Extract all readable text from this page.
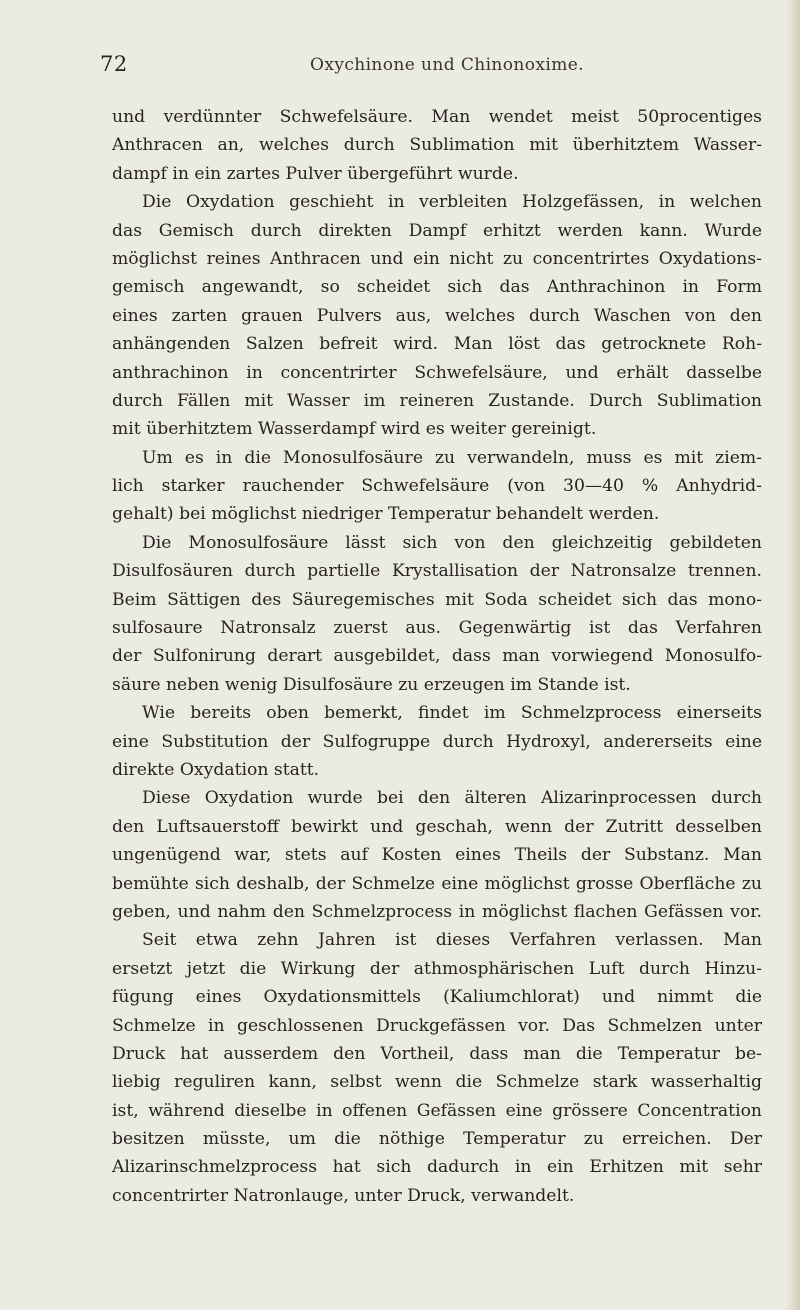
72	Oxychinone und Chinonoxime.
und verdünnter Schwefelsäure. Man wendet meist 50procentiges
Anthracen an, welches durch Sublimation mit überhitztem Wasser-
dampf in ein zartes Pulver übergeführt wurde.
Die Oxydation geschieht in verbleiten Holzgefässen, in welchen
das Gemisch durch direkten Dampf erhitzt werden kann. Wurde
möglichst reines Anthracen und ein nicht zu concentrirtes Oxydations-
gemisch angewandt, so scheidet sich das Anthrachinon in Form
eines zarten grauen Pulvers aus, welches durch Waschen von den
anhängenden Salzen befreit wird. Man löst das getrocknete Roh-
anthrachinon in concentrirter Schwefelsäure, und erhält dasselbe
durch Fällen mit Wasser im reineren Zustande. Durch Sublimation
mit überhitztem Wasserdampf wird es weiter gereinigt.
Um es in die Monosulfosäure zu verwandeln, muss es mit ziem-
lich starker rauchender Schwefelsäure (von 30—40 % Anhydrid-
gehalt) bei möglichst niedriger Temperatur behandelt werden.
Die Monosulfosäure lässt sich von den gleichzeitig gebildeten
Disulfosäuren durch partielle Krystallisation der Natronsalze trennen.
Beim Sättigen des Säuregemisches mit Soda scheidet sich das mono-
sulfosaure Natronsalz zuerst aus. Gegenwärtig ist das Verfahren
der Sulfonirung derart ausgebildet, dass man vorwiegend Monosulfo-
säure neben wenig Disulfosäure zu erzeugen im Stande ist.
Wie bereits oben bemerkt, findet im Schmelzprocess einerseits
eine Substitution der Sulfogruppe durch Hydroxyl, andererseits eine
direkte Oxydation statt.
Diese Oxydation wurde bei den älteren Alizarinprocessen durch
den Luftsauerstoff bewirkt und geschah, wenn der Zutritt desselben
ungenügend war, stets auf Kosten eines Theils der Substanz. Man
bemühte sich deshalb, der Schmelze eine möglichst grosse Oberfläche zu
geben, und nahm den Schmelzprocess in möglichst flachen Gefässen vor.
Seit etwa zehn Jahren ist dieses Verfahren verlassen. Man
ersetzt jetzt die Wirkung der athmosphärischen Luft durch Hinzu-
fügung eines Oxydationsmittels (Kaliumchlorat) und nimmt die
Schmelze in geschlossenen Druckgefässen vor. Das Schmelzen unter
Druck hat ausserdem den Vortheil, dass man die Temperatur be-
liebig reguliren kann, selbst wenn die Schmelze stark wasserhaltig
ist, während dieselbe in offenen Gefässen eine grössere Concentration
besitzen müsste, um die nöthige Temperatur zu erreichen. Der
Alizarinschmelzprocess hat sich dadurch in ein Erhitzen mit sehr
concentrirter Natronlauge, unter Druck, verwandelt.
